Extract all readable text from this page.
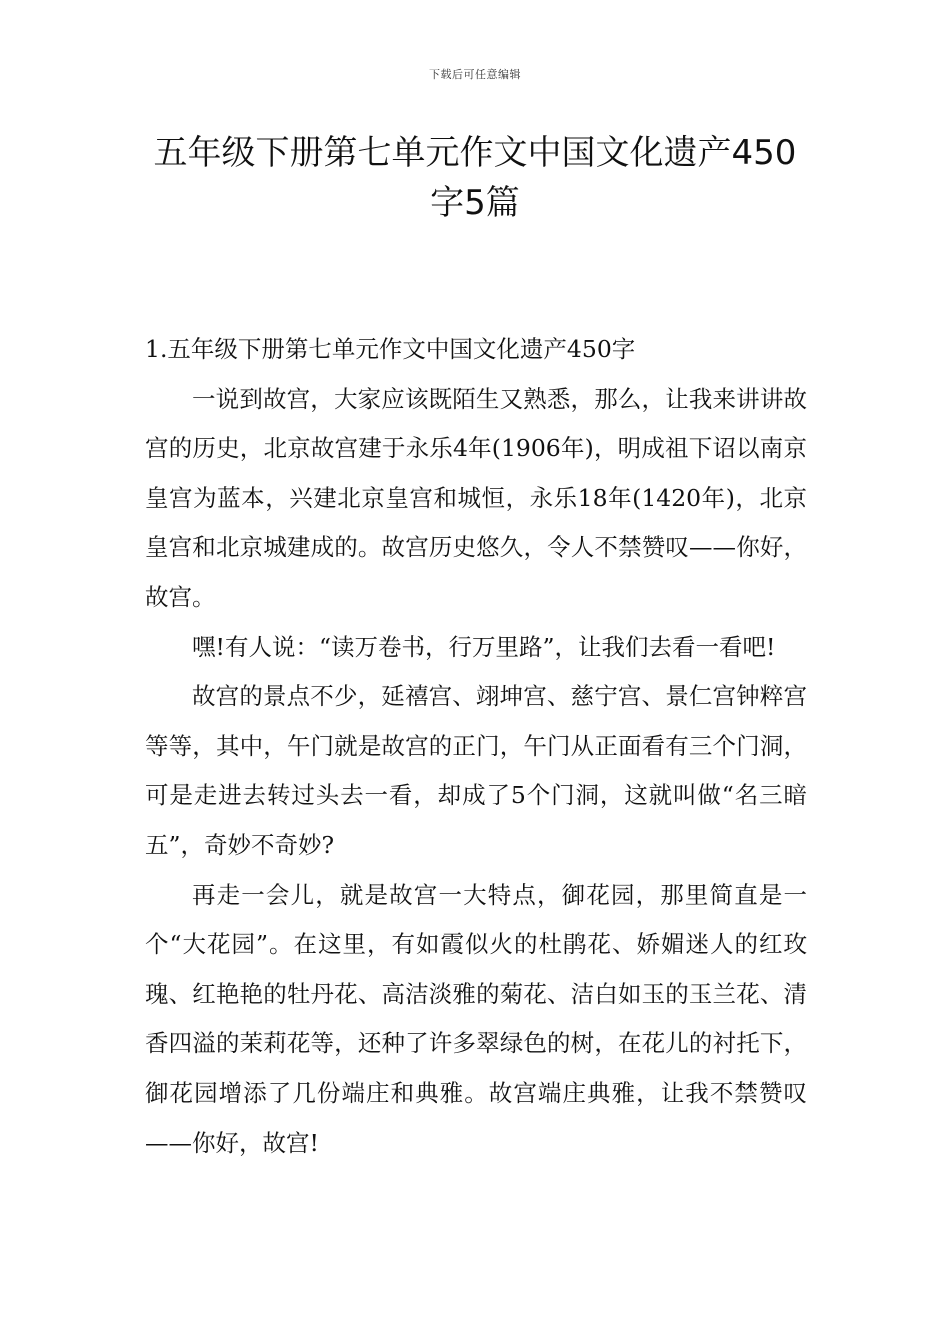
下载后可任意编辑
五年级下册第七单元作文中国文化遗产450字5篇

1.五年级下册第七单元作文中国文化遗产450字

一说到故宫，大家应该既陌生又熟悉，那么，让我来讲讲故宫的历史，北京故宫建于永乐4年(1906年)，明成祖下诏以南京皇宫为蓝本，兴建北京皇宫和城恒，永乐18年(1420年)，北京皇宫和北京城建成的。故宫历史悠久，令人不禁赞叹——你好，故宫。

嘿!有人说：“读万卷书，行万里路”，让我们去看一看吧!

故宫的景点不少，延禧宫、翊坤宫、慈宁宫、景仁宫钟粹宫等等，其中，午门就是故宫的正门，午门从正面看有三个门洞，可是走进去转过头去一看，却成了5个门洞，这就叫做“名三暗五”，奇妙不奇妙?

再走一会儿，就是故宫一大特点，御花园，那里简直是一个“大花园”。在这里，有如霞似火的杜鹃花、娇媚迷人的红玫瑰、红艳艳的牡丹花、高洁淡雅的菊花、洁白如玉的玉兰花、清香四溢的茉莉花等，还种了许多翠绿色的树，在花儿的衬托下，御花园增添了几份端庄和典雅。故宫端庄典雅，让我不禁赞叹——你好，故宫!
